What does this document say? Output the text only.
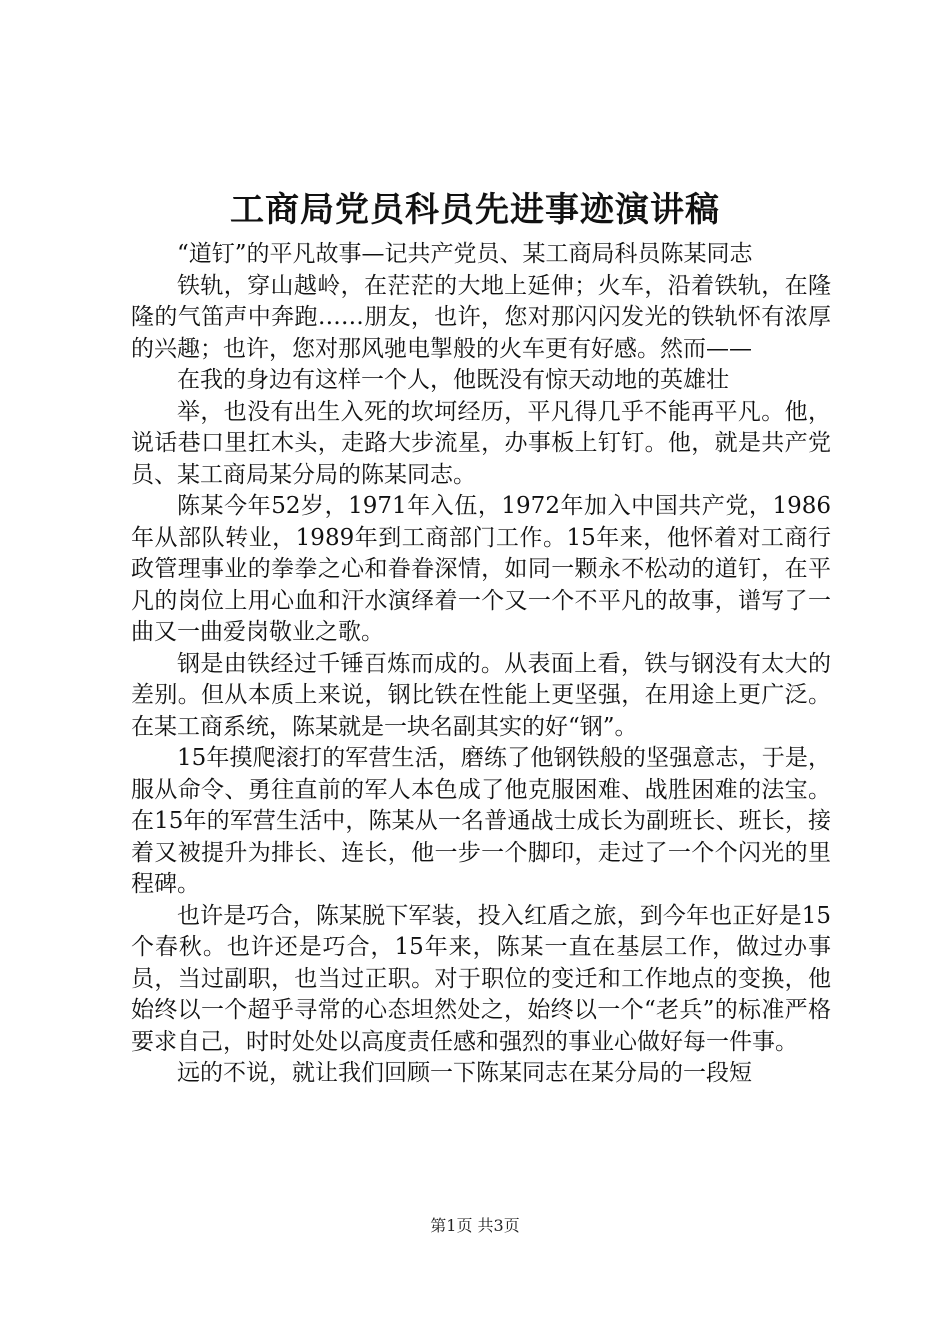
工商局党员科员先进事迹演讲稿

“道钉”的平凡故事—记共产党员、某工商局科员陈某同志

铁轨，穿山越岭，在茫茫的大地上延伸；火车，沿着铁轨，在隆隆的气笛声中奔跑……朋友，也许，您对那闪闪发光的铁轨怀有浓厚的兴趣；也许，您对那风驰电掣般的火车更有好感。然而——

在我的身边有这样一个人，他既没有惊天动地的英雄壮

举，也没有出生入死的坎坷经历，平凡得几乎不能再平凡。他，说话巷口里扛木头，走路大步流星，办事板上钉钉。他，就是共产党员、某工商局某分局的陈某同志。

陈某今年52岁，1971年入伍，1972年加入中国共产党，1986年从部队转业，1989年到工商部门工作。15年来，他怀着对工商行政管理事业的拳拳之心和眷眷深情，如同一颗永不松动的道钉，在平凡的岗位上用心血和汗水演绎着一个又一个不平凡的故事，谱写了一曲又一曲爱岗敬业之歌。

钢是由铁经过千锤百炼而成的。从表面上看，铁与钢没有太大的差别。但从本质上来说，钢比铁在性能上更坚强，在用途上更广泛。在某工商系统，陈某就是一块名副其实的好“钢”。

15年摸爬滚打的军营生活，磨练了他钢铁般的坚强意志，于是，服从命令、勇往直前的军人本色成了他克服困难、战胜困难的法宝。在15年的军营生活中，陈某从一名普通战士成长为副班长、班长，接着又被提升为排长、连长，他一步一个脚印，走过了一个个闪光的里程碑。

也许是巧合，陈某脱下军装，投入红盾之旅，到今年也正好是15个春秋。也许还是巧合，15年来，陈某一直在基层工作，做过办事员，当过副职，也当过正职。对于职位的变迁和工作地点的变换，他始终以一个超乎寻常的心态坦然处之，始终以一个“老兵”的标准严格要求自己，时时处处以高度责任感和强烈的事业心做好每一件事。

远的不说，就让我们回顾一下陈某同志在某分局的一段短

第1页 共3页
